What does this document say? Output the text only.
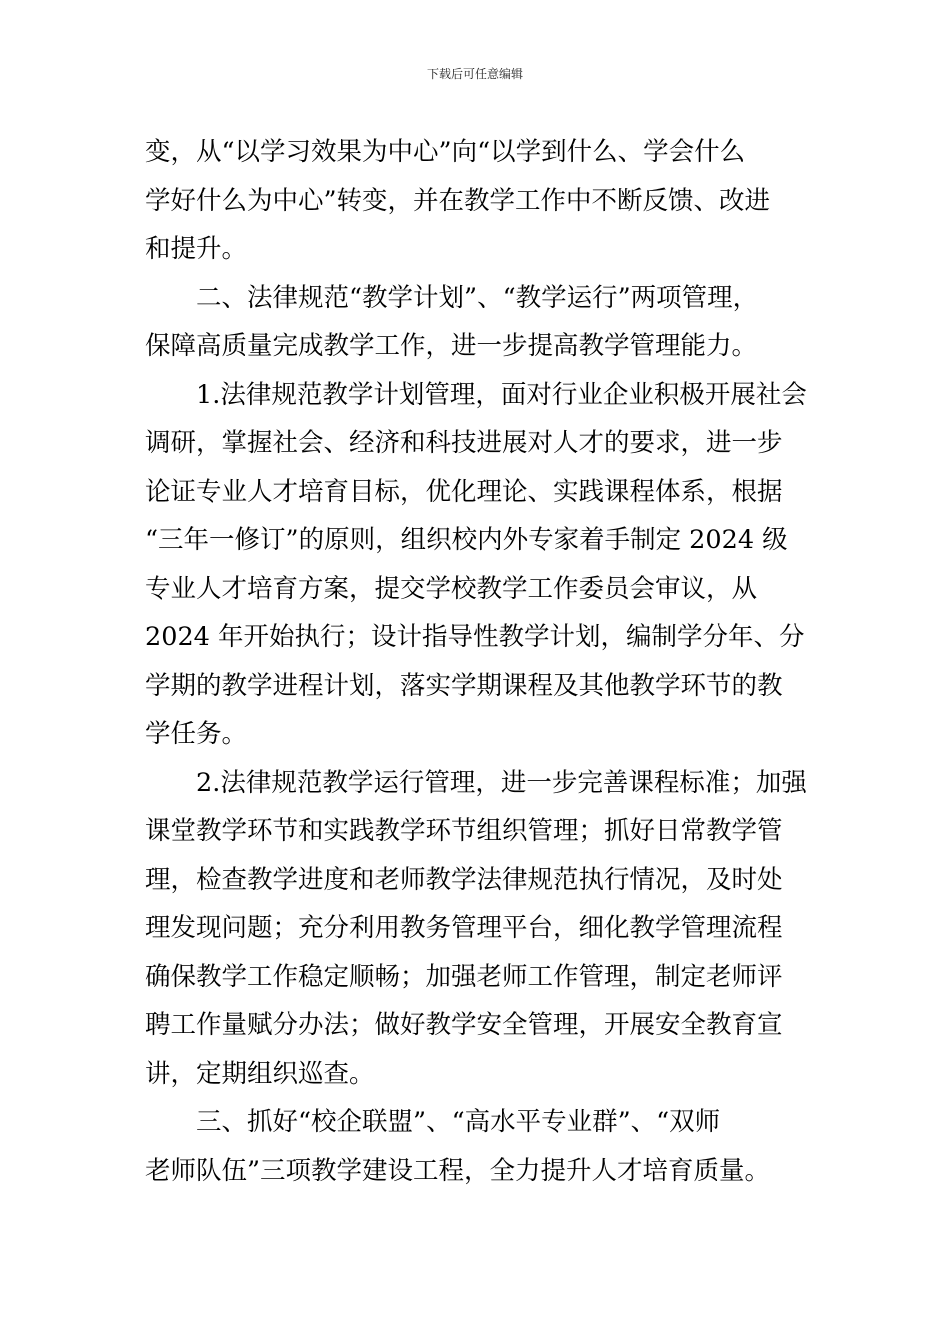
下载后可任意编辑
变，从“以学习效果为中心”向“以学到什么、学会什么
学好什么为中心”转变，并在教学工作中不断反馈、改进
和提升。
二、法律规范“教学计划”、“教学运行”两项管理，
保障高质量完成教学工作，进一步提高教学管理能力。
1.法律规范教学计划管理，面对行业企业积极开展社会
调研，掌握社会、经济和科技进展对人才的要求，进一步
论证专业人才培育目标，优化理论、实践课程体系，根据
“三年一修订”的原则，组织校内外专家着手制定 2024 级
专业人才培育方案，提交学校教学工作委员会审议，从
2024 年开始执行；设计指导性教学计划，编制学分年、分
学期的教学进程计划，落实学期课程及其他教学环节的教
学任务。
2.法律规范教学运行管理，进一步完善课程标准；加强
课堂教学环节和实践教学环节组织管理；抓好日常教学管
理，检查教学进度和老师教学法律规范执行情况，及时处
理发现问题；充分利用教务管理平台，细化教学管理流程
确保教学工作稳定顺畅；加强老师工作管理，制定老师评
聘工作量赋分办法；做好教学安全管理，开展安全教育宣
讲，定期组织巡查。
三、抓好“校企联盟”、“高水平专业群”、“双师
老师队伍”三项教学建设工程，全力提升人才培育质量。
